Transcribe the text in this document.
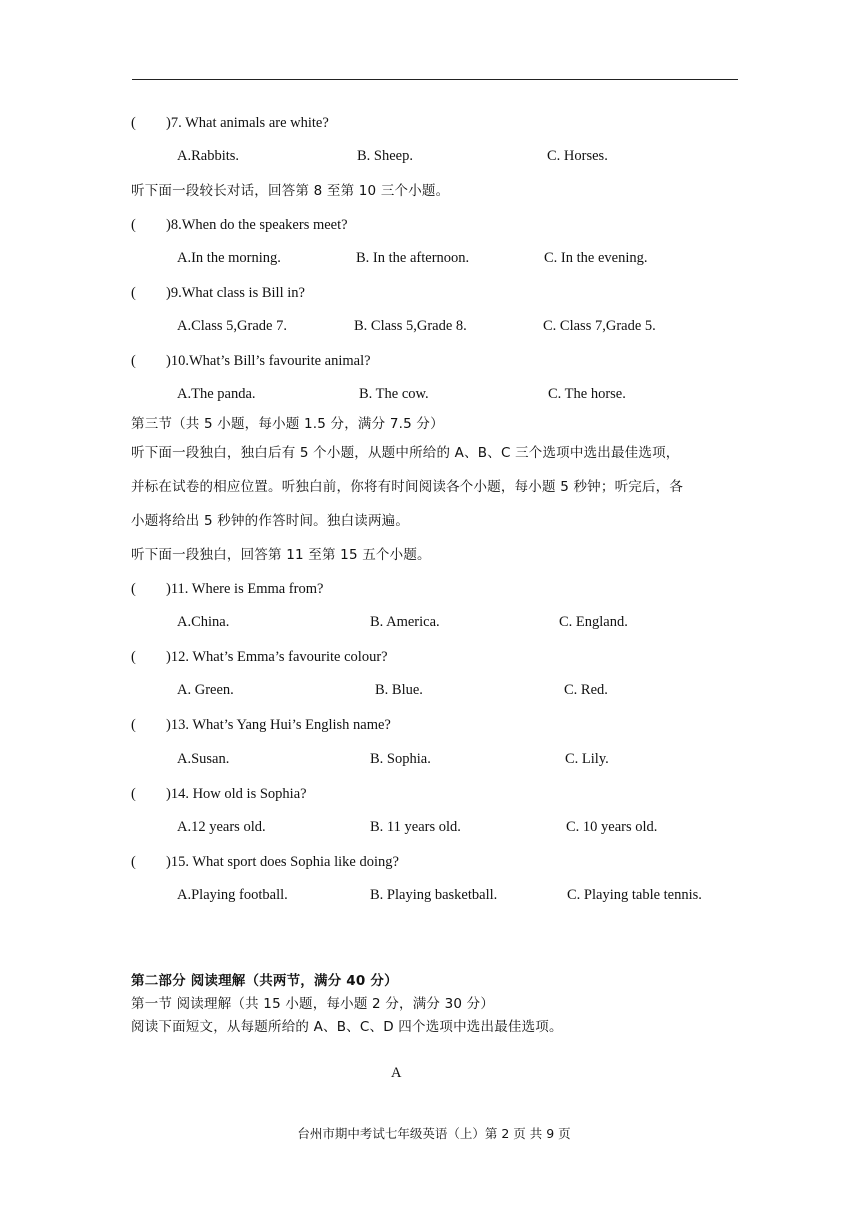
( )7. What animals are white?
A.Rabbits.	B. Sheep.	C. Horses.
听下面一段较长对话，回答第 8 至第 10 三个小题。
( )8.When do the speakers meet?
A.In the morning.	B. In the afternoon.	C. In the evening.
( )9.What class is Bill in?
A.Class 5,Grade 7.	B. Class 5,Grade 8.	C. Class 7,Grade 5.
( )10.What’s Bill’s favourite animal?
A.The panda.	B. The cow.	C. The horse.
第三节（共 5 小题，每小题 1.5 分，满分 7.5 分）
听下面一段独白，独白后有 5 个小题，从题中所给的 A、B、C 三个选项中选出最佳选项，
并标在试卷的相应位置。听独白前，你将有时间阅读各个小题，每小题 5 秒钟；听完后，各
小题将给出 5 秒钟的作答时间。独白读两遍。
听下面一段独白，回答第 11 至第 15 五个小题。
( )11. Where is Emma from?
A.China.	B. America.	C. England.
( )12. What’s Emma’s favourite colour?
A. Green.	B. Blue.	C. Red.
( )13. What’s Yang Hui’s English name?
A.Susan.	B. Sophia.	C. Lily.
( )14. How old is Sophia?
A.12 years old.	B. 11 years old.	C. 10 years old.
( )15. What sport does Sophia like doing?
A.Playing football.	B. Playing basketball.	C. Playing table tennis.
第二部分 阅读理解（共两节，满分 40 分）
第一节 阅读理解（共 15 小题，每小题 2 分，满分 30 分）
阅读下面短文，从每题所给的 A、B、C、D 四个选项中选出最佳选项。
A
台州市期中考试七年级英语（上）第 2 页 共 9 页
